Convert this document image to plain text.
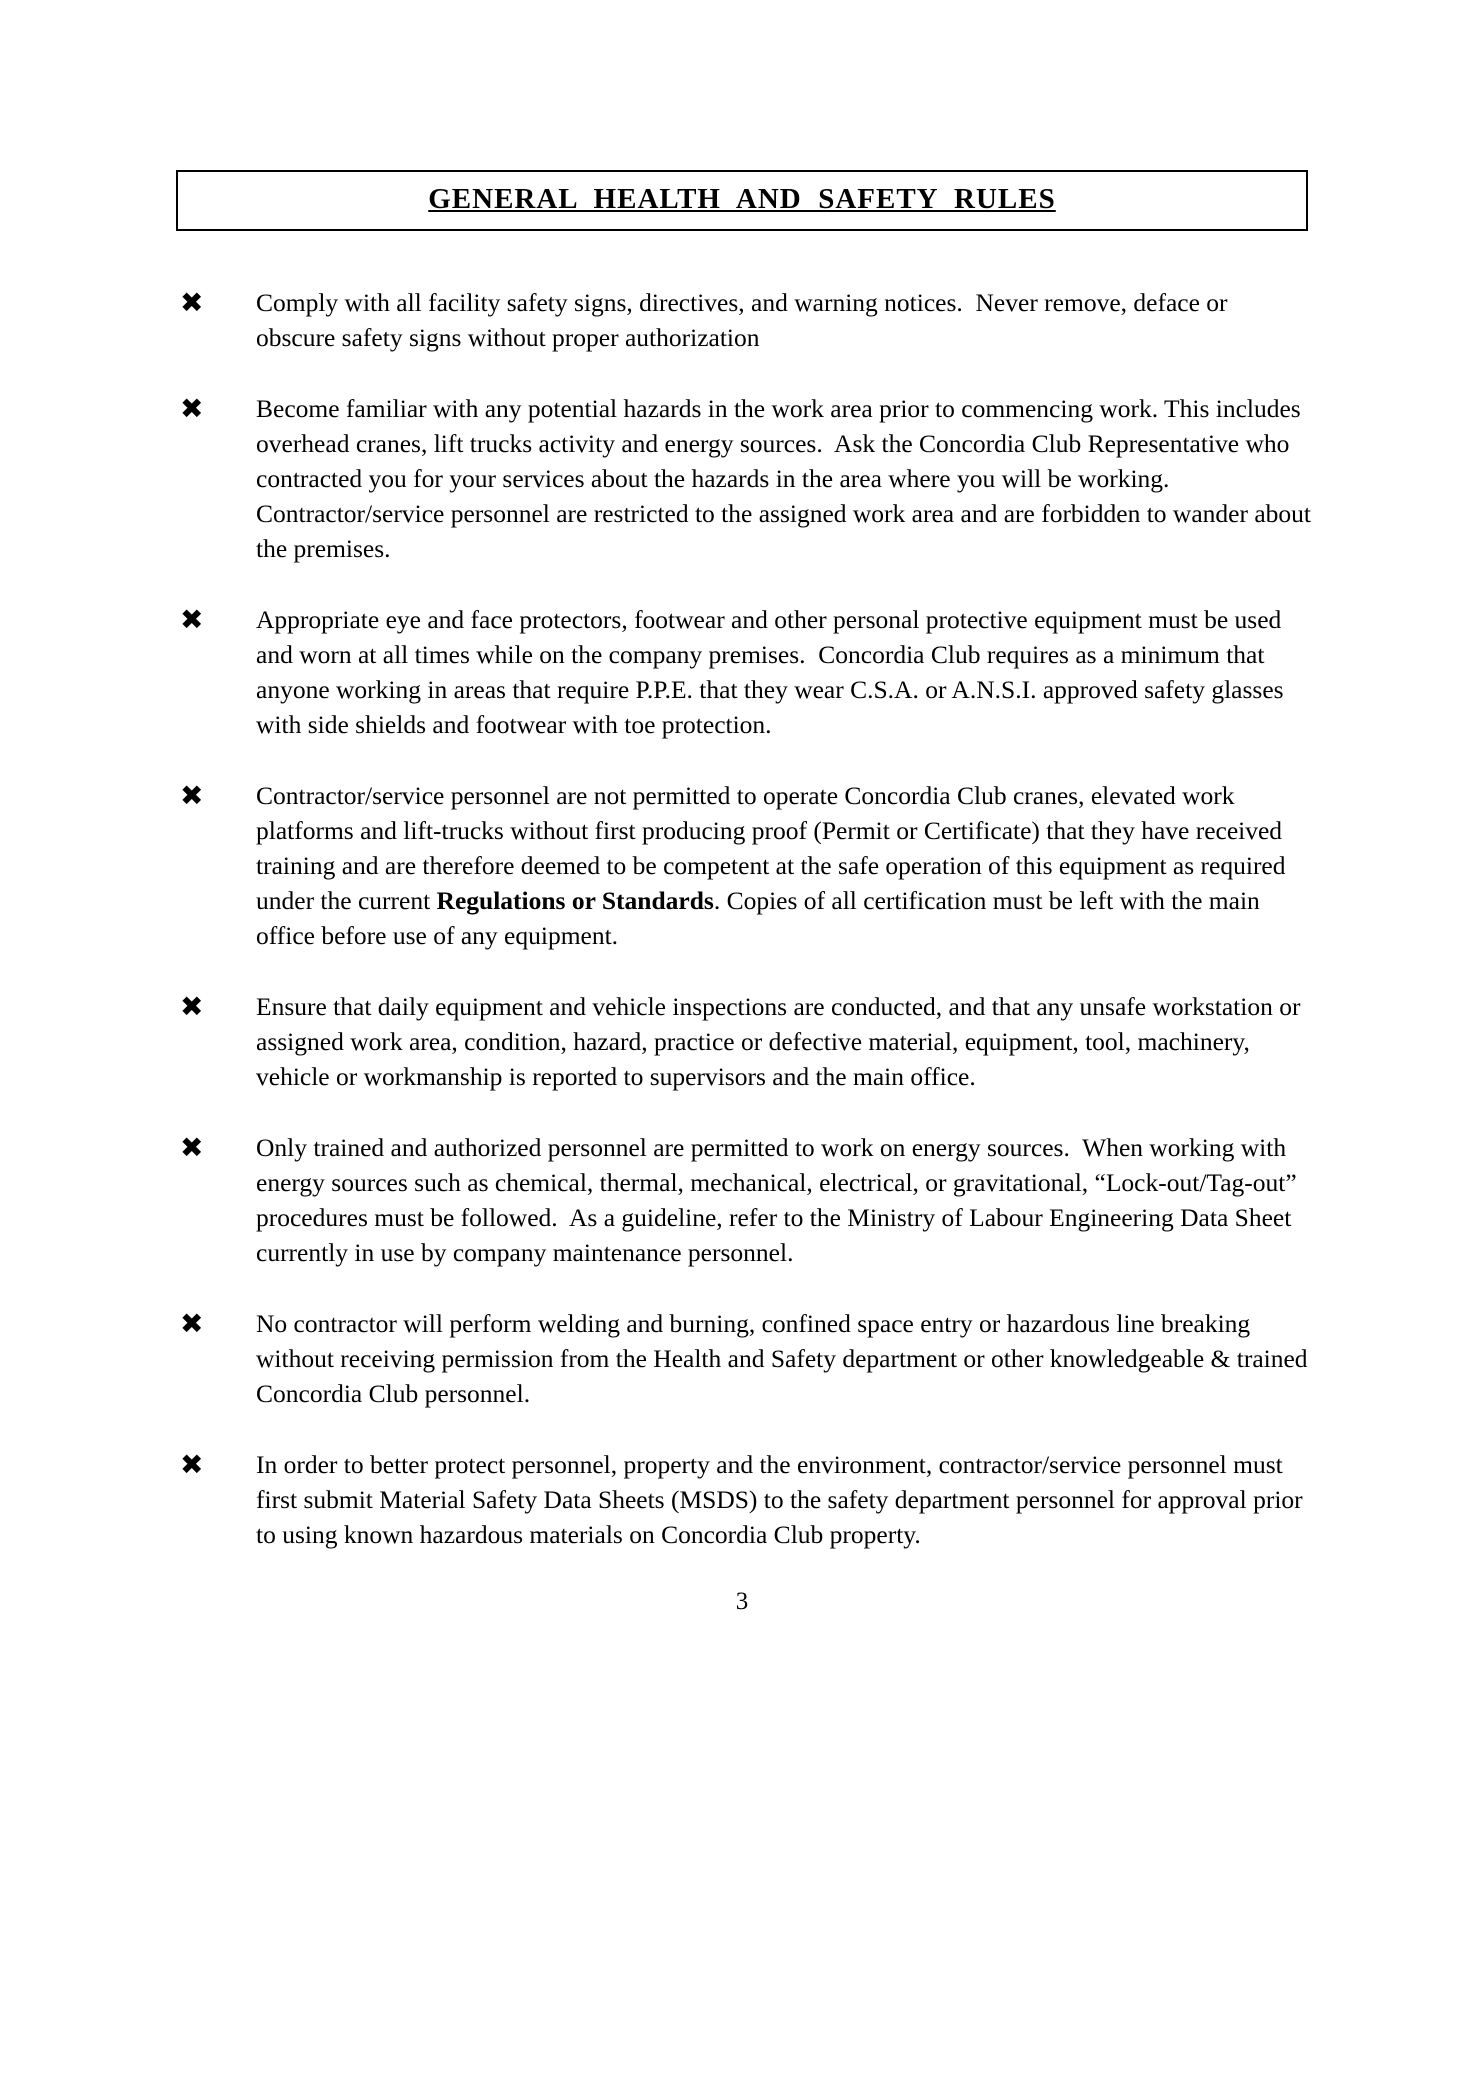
GENERAL  HEALTH  AND  SAFETY  RULES
✖	Comply with all facility safety signs, directives, and warning notices.  Never remove, deface or obscure safety signs without proper authorization
✖	Become familiar with any potential hazards in the work area prior to commencing work. This includes overhead cranes, lift trucks activity and energy sources.  Ask the Concordia Club Representative who contracted you for your services about the hazards in the area where you will be working.  Contractor/service personnel are restricted to the assigned work area and are forbidden to wander about the premises.
✖	Appropriate eye and face protectors, footwear and other personal protective equipment must be used and worn at all times while on the company premises.  Concordia Club requires as a minimum that anyone working in areas that require P.P.E. that they wear C.S.A. or A.N.S.I. approved safety glasses with side shields and footwear with toe protection.
✖	Contractor/service personnel are not permitted to operate Concordia Club cranes, elevated work platforms and lift-trucks without first producing proof (Permit or Certificate) that they have received training and are therefore deemed to be competent at the safe operation of this equipment as required under the current Regulations or Standards. Copies of all certification must be left with the main office before use of any equipment.
✖	Ensure that daily equipment and vehicle inspections are conducted, and that any unsafe workstation or assigned work area, condition, hazard, practice or defective material, equipment, tool, machinery, vehicle or workmanship is reported to supervisors and the main office.
✖	Only trained and authorized personnel are permitted to work on energy sources.  When working with energy sources such as chemical, thermal, mechanical, electrical, or gravitational, “Lock-out/Tag-out” procedures must be followed.  As a guideline, refer to the Ministry of Labour Engineering Data Sheet currently in use by company maintenance personnel.
✖	No contractor will perform welding and burning, confined space entry or hazardous line breaking without receiving permission from the Health and Safety department or other knowledgeable & trained Concordia Club personnel.
✖	In order to better protect personnel, property and the environment, contractor/service personnel must first submit Material Safety Data Sheets (MSDS) to the safety department personnel for approval prior to using known hazardous materials on Concordia Club property.
3
